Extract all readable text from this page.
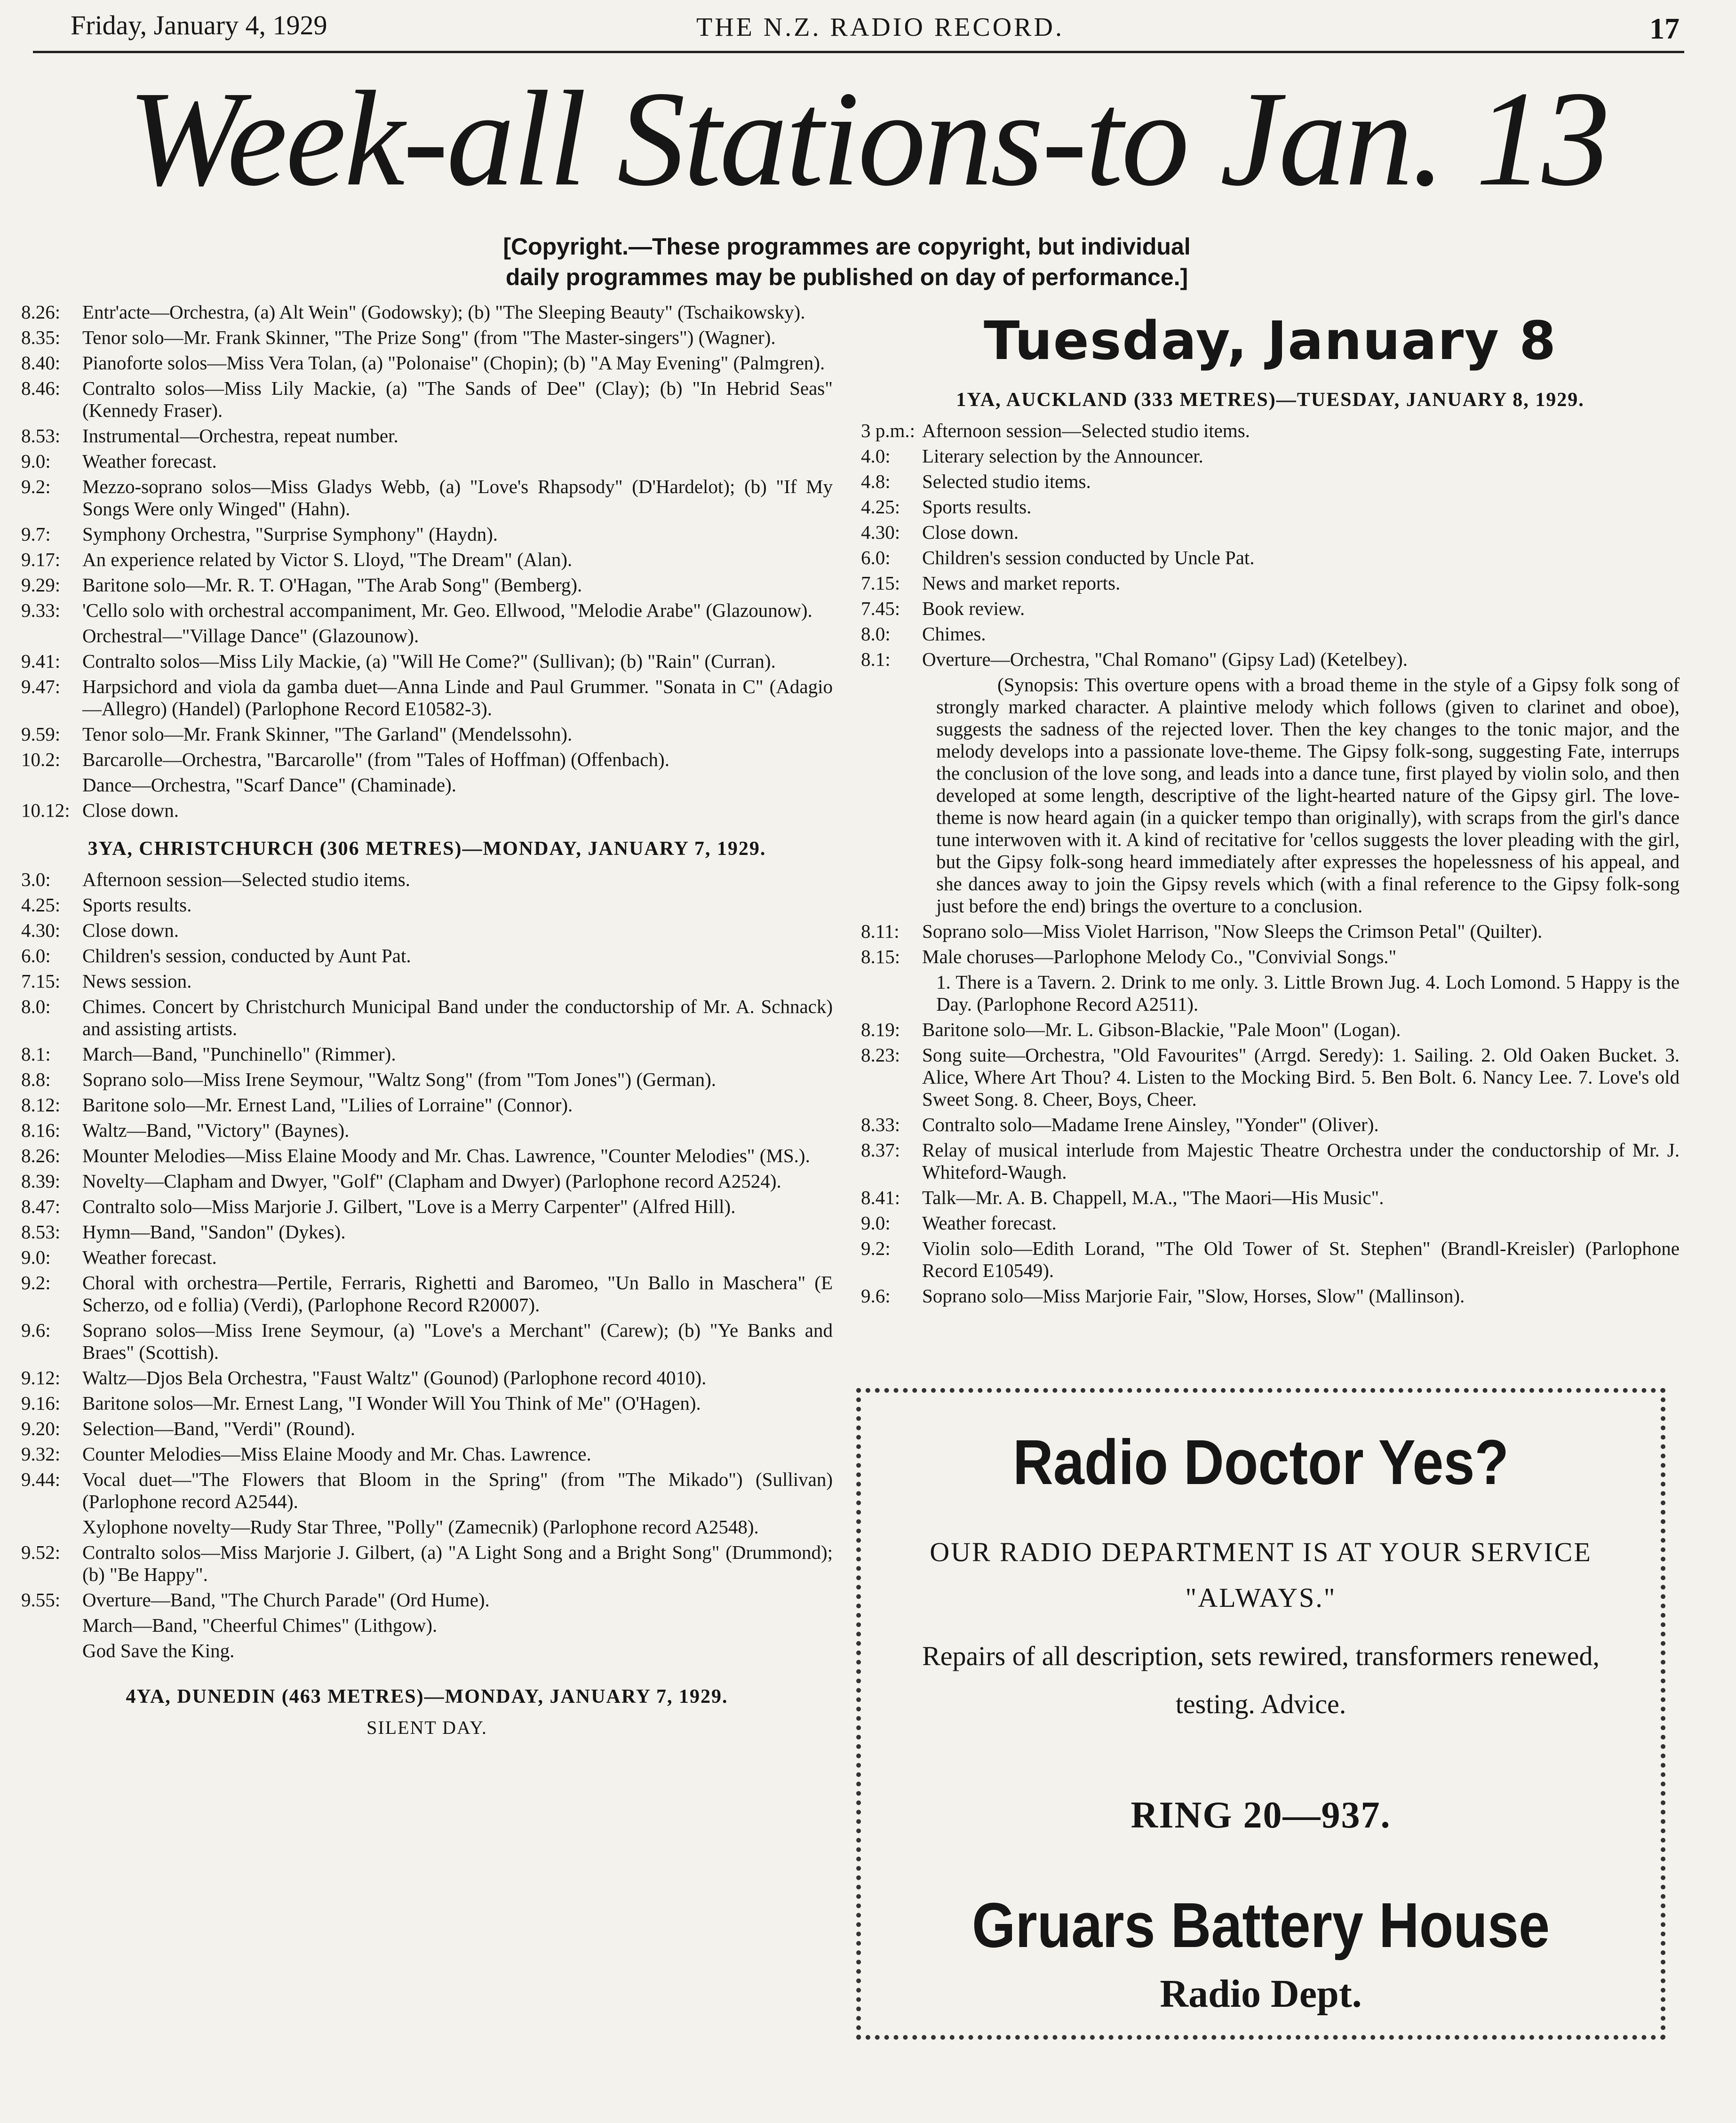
Friday, January 4, 1929	THE N.Z. RADIO RECORD.	17
Week-all Stations-to Jan. 13
[Copyright.—These programmes are copyright, but individual
daily programmes may be published on day of performance.]
8.26:	Entr'acte—Orchestra, (a) Alt Wein" (Godowsky); (b) "The Sleeping Beauty" (Tschaikowsky).
8.35:	Tenor solo—Mr. Frank Skinner, "The Prize Song" (from "The Master-singers") (Wagner).
8.40:	Pianoforte solos—Miss Vera Tolan, (a) "Polonaise" (Chopin); (b) "A May Evening" (Palmgren).
8.46:	Contralto solos—Miss Lily Mackie, (a) "The Sands of Dee" (Clay); (b) "In Hebrid Seas" (Kennedy Fraser).
8.53:	Instrumental—Orchestra, repeat number.
9.0:	Weather forecast.
9.2:	Mezzo-soprano solos—Miss Gladys Webb, (a) "Love's Rhapsody" (D'Hardelot); (b) "If My Songs Were only Winged" (Hahn).
9.7:	Symphony Orchestra, "Surprise Symphony" (Haydn).
9.17:	An experience related by Victor S. Lloyd, "The Dream" (Alan).
9.29:	Baritone solo—Mr. R. T. O'Hagan, "The Arab Song" (Bemberg).
9.33:	'Cello solo with orchestral accompaniment, Mr. Geo. Ellwood, "Melodie Arabe" (Glazounow).
Orchestral—"Village Dance" (Glazounow).
9.41:	Contralto solos—Miss Lily Mackie, (a) "Will He Come?" (Sullivan); (b) "Rain" (Curran).
9.47:	Harpsichord and viola da gamba duet—Anna Linde and Paul Grummer. "Sonata in C" (Adagio—Allegro) (Handel) (Parlophone Record E10582-3).
9.59:	Tenor solo—Mr. Frank Skinner, "The Garland" (Mendelssohn).
10.2:	Barcarolle—Orchestra, "Barcarolle" (from "Tales of Hoffman) (Offenbach).
Dance—Orchestra, "Scarf Dance" (Chaminade).
10.12: Close down.
3YA, CHRISTCHURCH (306 METRES)—MONDAY, JANUARY 7, 1929.
3.0:	Afternoon session—Selected studio items.
4.25:	Sports results.
4.30:	Close down.
6.0:	Children's session, conducted by Aunt Pat.
7.15:	News session.
8.0:	Chimes. Concert by Christchurch Municipal Band under the conductorship of Mr. A. Schnack) and assisting artists.
8.1:	March—Band, "Punchinello" (Rimmer).
8.8:	Soprano solo—Miss Irene Seymour, "Waltz Song" (from "Tom Jones") (German).
8.12:	Baritone solo—Mr. Ernest Land, "Lilies of Lorraine" (Connor).
8.16:	Waltz—Band, "Victory" (Baynes).
8.26:	Mounter Melodies—Miss Elaine Moody and Mr. Chas. Lawrence, "Counter Melodies" (MS.).
8.39:	Novelty—Clapham and Dwyer, "Golf" (Clapham and Dwyer) (Parlophone record A2524).
8.47:	Contralto solo—Miss Marjorie J. Gilbert, "Love is a Merry Carpenter" (Alfred Hill).
8.53:	Hymn—Band, "Sandon" (Dykes).
9.0:	Weather forecast.
9.2:	Choral with orchestra—Pertile, Ferraris, Righetti and Baromeo, "Un Ballo in Maschera" (E Scherzo, od e follia) (Verdi), (Parlophone Record R20007).
9.6:	Soprano solos—Miss Irene Seymour, (a) "Love's a Merchant" (Carew); (b) "Ye Banks and Braes" (Scottish).
9.12:	Waltz—Djos Bela Orchestra, "Faust Waltz" (Gounod) (Parlophone record 4010).
9.16:	Baritone solos—Mr. Ernest Lang, "I Wonder Will You Think of Me" (O'Hagen).
9.20:	Selection—Band, "Verdi" (Round).
9.32:	Counter Melodies—Miss Elaine Moody and Mr. Chas. Lawrence.
9.44:	Vocal duet—"The Flowers that Bloom in the Spring" (from "The Mikado") (Sullivan) (Parlophone record A2544).
Xylophone novelty—Rudy Star Three, "Polly" (Zamecnik) (Parlophone record A2548).
9.52:	Contralto solos—Miss Marjorie J. Gilbert, (a) "A Light Song and a Bright Song" (Drummond); (b) "Be Happy".
9.55:	Overture—Band, "The Church Parade" (Ord Hume).
March—Band, "Cheerful Chimes" (Lithgow).
God Save the King.
4YA, DUNEDIN (463 METRES)—MONDAY, JANUARY 7, 1929.
SILENT DAY.
Tuesday, January 8
1YA, AUCKLAND (333 METRES)—TUESDAY, JANUARY 8, 1929.
3 p.m.: Afternoon session—Selected studio items.
4.0:	Literary selection by the Announcer.
4.8:	Selected studio items.
4.25:	Sports results.
4.30:	Close down.
6.0:	Children's session conducted by Uncle Pat.
7.15:	News and market reports.
7.45:	Book review.
8.0:	Chimes.
8.1:	Overture—Orchestra, "Chal Romano" (Gipsy Lad) (Ketelbey).
(Synopsis: This overture opens with a broad theme in the style of a Gipsy folk song of strongly marked character. A plaintive melody which follows (given to clarinet and oboe), suggests the sadness of the rejected lover. Then the key changes to the tonic major, and the melody develops into a passionate love-theme. The Gipsy folk-song, suggesting Fate, interrups the conclusion of the love song, and leads into a dance tune, first played by violin solo, and then developed at some length, descriptive of the light-hearted nature of the Gipsy girl. The love-theme is now heard again (in a quicker tempo than originally), with scraps from the girl's dance tune interwoven with it. A kind of recitative for 'cellos suggests the lover pleading with the girl, but the Gipsy folk-song heard immediately after expresses the hopelessness of his appeal, and she dances away to join the Gipsy revels which (with a final reference to the Gipsy folk-song just before the end) brings the overture to a conclusion.
8.11:	Soprano solo—Miss Violet Harrison, "Now Sleeps the Crimson Petal" (Quilter).
8.15:	Male choruses—Parlophone Melody Co., "Convivial Songs."
1. There is a Tavern. 2. Drink to me only. 3. Little Brown Jug. 4. Loch Lomond. 5 Happy is the Day. (Parlophone Record A2511).
8.19:	Baritone solo—Mr. L. Gibson-Blackie, "Pale Moon" (Logan).
8.23:	Song suite—Orchestra, "Old Favourites" (Arrgd. Seredy): 1. Sailing. 2. Old Oaken Bucket. 3. Alice, Where Art Thou? 4. Listen to the Mocking Bird. 5. Ben Bolt. 6. Nancy Lee. 7. Love's old Sweet Song. 8. Cheer, Boys, Cheer.
8.33:	Contralto solo—Madame Irene Ainsley, "Yonder" (Oliver).
8.37:	Relay of musical interlude from Majestic Theatre Orchestra under the conductorship of Mr. J. Whiteford-Waugh.
8.41:	Talk—Mr. A. B. Chappell, M.A., "The Maori—His Music".
9.0:	Weather forecast.
9.2:	Violin solo—Edith Lorand, "The Old Tower of St. Stephen" (Brandl-Kreisler) (Parlophone Record E10549).
9.6:	Soprano solo—Miss Marjorie Fair, "Slow, Horses, Slow" (Mallinson).
Radio Doctor Yes?
OUR RADIO DEPARTMENT IS AT YOUR SERVICE
"ALWAYS."
Repairs of all description, sets rewired, transformers renewed, testing. Advice.
RING 20—937.
Gruars Battery House
Radio Dept.
